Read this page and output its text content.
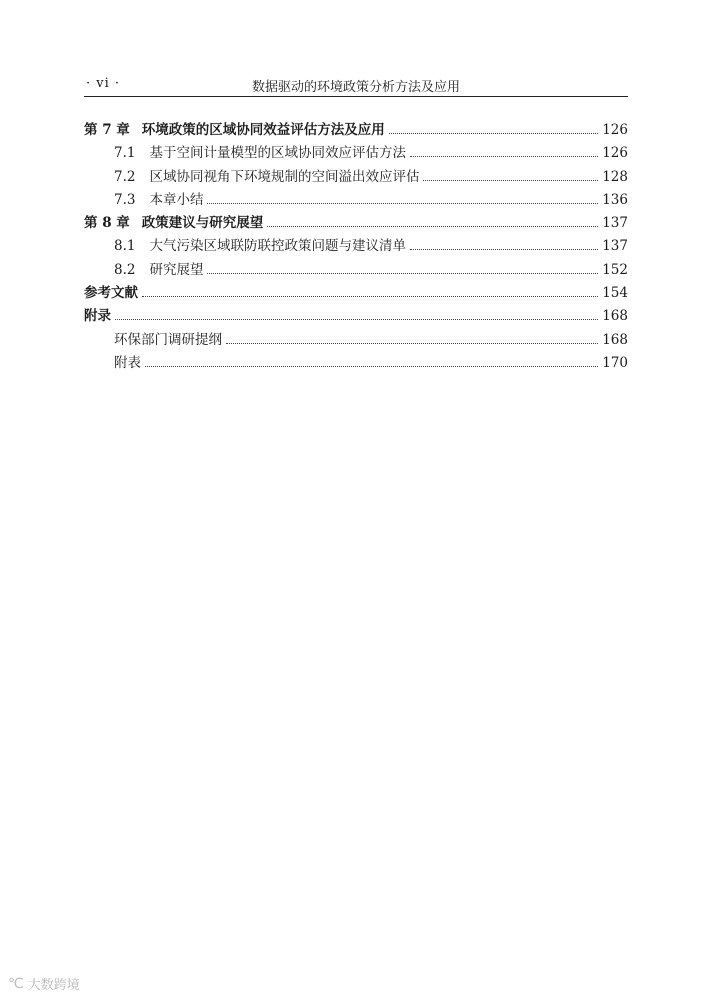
· vi ·	数据驱动的环境政策分析方法及应用
第 7 章 环境政策的区域协同效益评估方法及应用	126
7.1 基于空间计量模型的区域协同效应评估方法	126
7.2 区域协同视角下环境规制的空间溢出效应评估	128
7.3 本章小结	136
第 8 章 政策建议与研究展望	137
8.1 大气污染区域联防联控政策问题与建议清单	137
8.2 研究展望	152
参考文献	154
附录	168
环保部门调研提纲	168
附表	170
℃ 大数跨境
